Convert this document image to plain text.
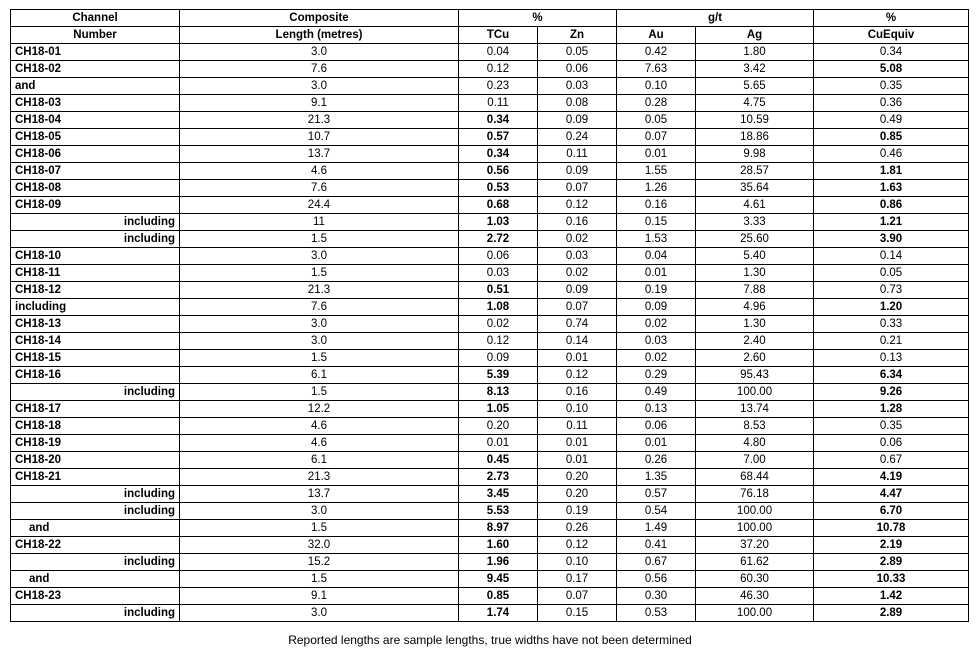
Channel	Composite	%		g/t		%
Number	Length (metres)	TCu	Zn	Au	Ag	CuEquiv
CH18-01	3.0	0.04	0.05	0.42	1.80	0.34
CH18-02	7.6	0.12	0.06	7.63	3.42	5.08
and	3.0	0.23	0.03	0.10	5.65	0.35
CH18-03	9.1	0.11	0.08	0.28	4.75	0.36
CH18-04	21.3	0.34	0.09	0.05	10.59	0.49
CH18-05	10.7	0.57	0.24	0.07	18.86	0.85
CH18-06	13.7	0.34	0.11	0.01	9.98	0.46
CH18-07	4.6	0.56	0.09	1.55	28.57	1.81
CH18-08	7.6	0.53	0.07	1.26	35.64	1.63
CH18-09	24.4	0.68	0.12	0.16	4.61	0.86
including	11	1.03	0.16	0.15	3.33	1.21
including	1.5	2.72	0.02	1.53	25.60	3.90
CH18-10	3.0	0.06	0.03	0.04	5.40	0.14
CH18-11	1.5	0.03	0.02	0.01	1.30	0.05
CH18-12	21.3	0.51	0.09	0.19	7.88	0.73
including	7.6	1.08	0.07	0.09	4.96	1.20
CH18-13	3.0	0.02	0.74	0.02	1.30	0.33
CH18-14	3.0	0.12	0.14	0.03	2.40	0.21
CH18-15	1.5	0.09	0.01	0.02	2.60	0.13
CH18-16	6.1	5.39	0.12	0.29	95.43	6.34
including	1.5	8.13	0.16	0.49	100.00	9.26
CH18-17	12.2	1.05	0.10	0.13	13.74	1.28
CH18-18	4.6	0.20	0.11	0.06	8.53	0.35
CH18-19	4.6	0.01	0.01	0.01	4.80	0.06
CH18-20	6.1	0.45	0.01	0.26	7.00	0.67
CH18-21	21.3	2.73	0.20	1.35	68.44	4.19
including	13.7	3.45	0.20	0.57	76.18	4.47
including	3.0	5.53	0.19	0.54	100.00	6.70
and	1.5	8.97	0.26	1.49	100.00	10.78
CH18-22	32.0	1.60	0.12	0.41	37.20	2.19
including	15.2	1.96	0.10	0.67	61.62	2.89
and	1.5	9.45	0.17	0.56	60.30	10.33
CH18-23	9.1	0.85	0.07	0.30	46.30	1.42
including	3.0	1.74	0.15	0.53	100.00	2.89
Reported lengths are sample lengths, true widths have not been determined
